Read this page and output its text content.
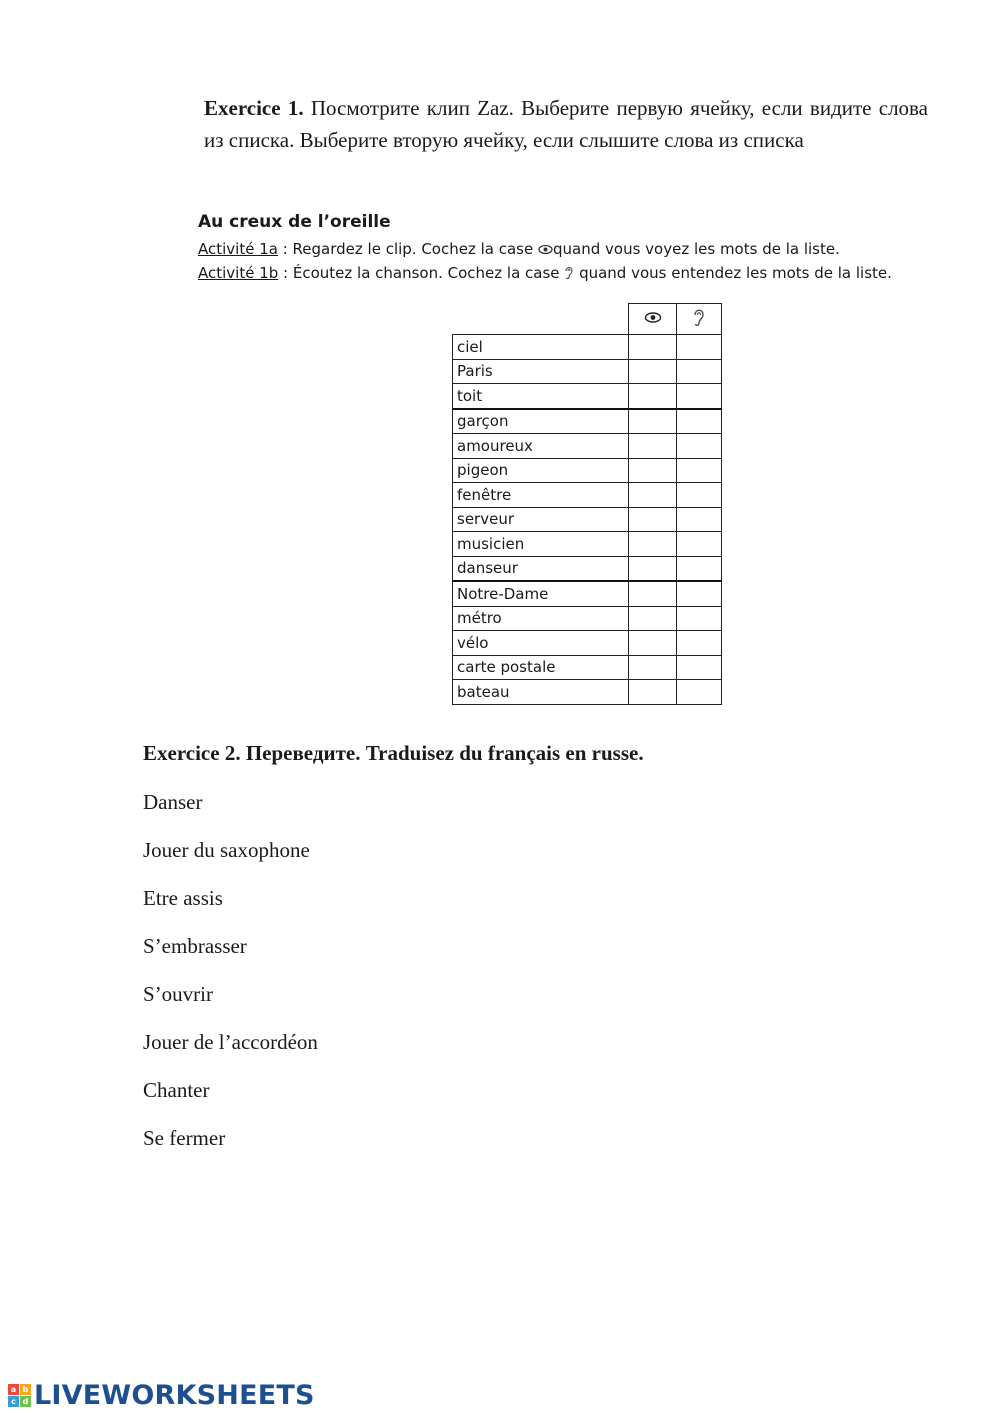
Exercice 1. Посмотрите клип Zaz. Выберите первую ячейку, если видите слова из списка. Выберите вторую ячейку, если слышите слова из списка
Au creux de l’oreille
Activité 1a : Regardez le clip. Cochez la case quand vous voyez les mots de la liste.
Activité 1b : Écoutez la chanson. Cochez la case  quand vous entendez les mots de la liste.

ciel		
Paris		
toit		
garçon		
amoureux		
pigeon		
fenêtre		
serveur		
musicien		
danseur		
Notre-Dame		
métro		
vélo		
carte postale		
bateau		
Exercice 2. Переведите. Traduisez du français en russe.
Danser
Jouer du saxophone
Etre assis
S’embrasser
S’ouvrir
Jouer de l’accordéon
Chanter
Se fermer
a b
c d LIVEWORKSHEETS
